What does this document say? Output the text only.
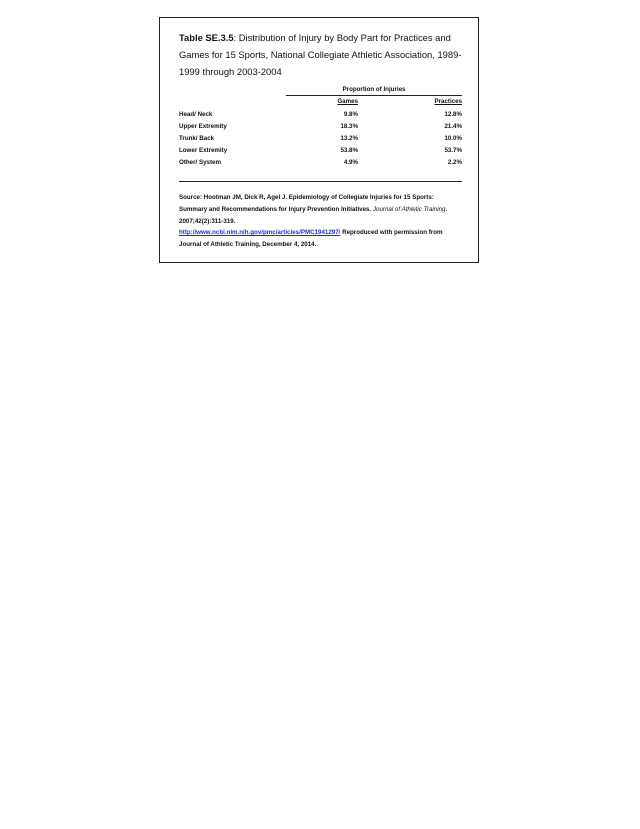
Table SE.3.5: Distribution of Injury by Body Part for Practices and Games for 15 Sports, National Collegiate Athletic Association, 1989-1999 through 2003-2004

Proportion of Injuries
Games	Practices
Head/ Neck	9.8%	12.8%
Upper Extremity	18.3%	21.4%
Trunk/ Back	13.2%	10.0%
Lower Extremity	53.8%	53.7%
Other/ System	4.9%	2.2%
Source: Hootman JM, Dick R, Agel J. Epidemiology of Collegiate Injuries for 15 Sports: Summary and Recommendations for Injury Prevention Initiatives. Journal of Athletic Training. 2007;42(2):311-319.
http://www.ncbi.nlm.nih.gov/pmc/articles/PMC1941297/ Reproduced with permission from Journal of Athletic Training, December 4, 2014.
